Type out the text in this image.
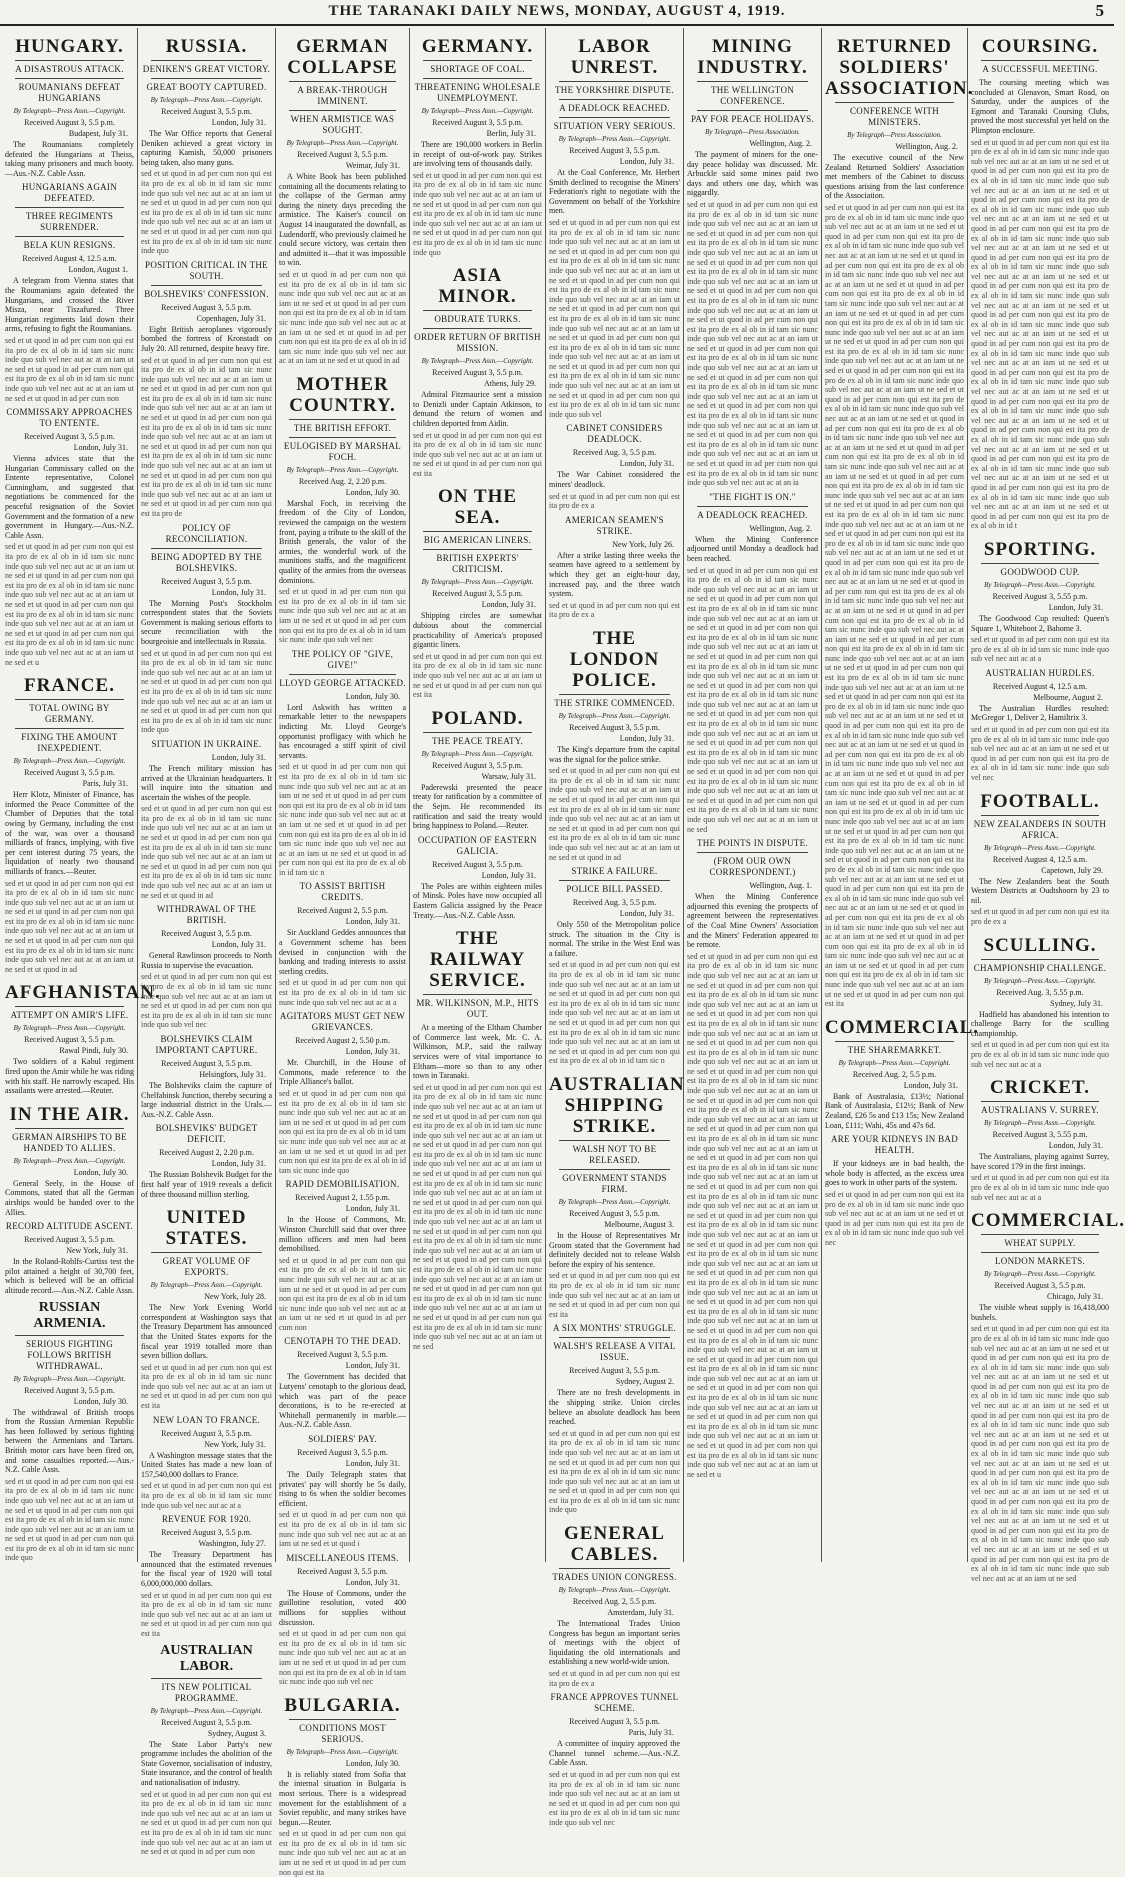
THE TARANAKI DAILY NEWS, MONDAY, AUGUST 4, 1919.	5
HUNGARY.
A DISASTROUS ATTACK.
ROUMANIANS DEFEAT HUNGARIANS
By Telegraph—Press Assn.—Copyright.
Received August 3, 5.5 p.m.
Budapest, July 31.

The Roumanians completely defeated the Hungarians at Theiss, taking many prisoners and much booty.—Aus.-N.Z. Cable Assn.

HUNGARIANS AGAIN DEFEATED.
THREE REGIMENTS SURRENDER.
BELA KUN RESIGNS.
Received August 4, 12.5 a.m.
London, August 1.

A telegram from Vienna states that the Roumanians again defeated the Hungarians, and crossed the River Misza, near Tiszafured. Three Hungarian regiments laid down their arms, refusing to fight the Roumanians.

sed et ut quod in ad per cum non qui est ita pro de ex al ob in id tam sic nunc inde quo sub vel nec aut ac at an iam ut ne sed et ut quod in ad per cum non qui est ita pro de ex al ob in id tam sic nunc inde quo sub vel nec aut ac at an iam ut ne sed et ut quod in ad per cum non

COMMISSARY APPROACHES TO ENTENTE.
Received August 3, 5.5 p.m.
London, July 31.

Vienna advices state that the Hungarian Commissary called on the Entente representative, Colonel Cunningham, and suggested that negotiations be commenced for the peaceful resignation of the Soviet Government and the formation of a new government in Hungary.—Aus.-N.Z. Cable Assn.

sed et ut quod in ad per cum non qui est ita pro de ex al ob in id tam sic nunc inde quo sub vel nec aut ac at an iam ut ne sed et ut quod in ad per cum non qui est ita pro de ex al ob in id tam sic nunc inde quo sub vel nec aut ac at an iam ut ne sed et ut quod in ad per cum non qui est ita pro de ex al ob in id tam sic nunc inde quo sub vel nec aut ac at an iam ut ne sed et ut quod in ad per cum non qui est ita pro de ex al ob in id tam sic nunc inde quo sub vel nec aut ac at an iam ut ne sed et u

FRANCE.
TOTAL OWING BY GERMANY.
FIXING THE AMOUNT INEXPEDIENT.
By Telegraph—Press Assn.—Copyright.
Received August 3, 5.5 p.m.
Paris, July 31.

Herr Klotz, Minister of Finance, has informed the Peace Committee of the Chamber of Deputies that the total owing by Germany, including the cost of the war, was over a thousand milliards of francs, implying, with five per cent interest during 75 years, the liquidation of nearly two thousand milliards of francs.—Reuter.

sed et ut quod in ad per cum non qui est ita pro de ex al ob in id tam sic nunc inde quo sub vel nec aut ac at an iam ut ne sed et ut quod in ad per cum non qui est ita pro de ex al ob in id tam sic nunc inde quo sub vel nec aut ac at an iam ut ne sed et ut quod in ad per cum non qui est ita pro de ex al ob in id tam sic nunc inde quo sub vel nec aut ac at an iam ut ne sed et ut quod in ad

AFGHANISTAN.
ATTEMPT ON AMIR'S LIFE.
By Telegraph—Press Assn.—Copyright.
Received August 3, 5.5 p.m.
Rawal Pindi, July 30.

Two soldiers of a Kabul regiment fired upon the Amir while he was riding with his staff. He narrowly escaped. His assailants were arrested.—Reuter.

IN THE AIR.
GERMAN AIRSHIPS TO BE HANDED TO ALLIES.
By Telegraph—Press Assn.—Copyright.
London, July 30.

General Seely, in the House of Commons, stated that all the German airships would be handed over to the Allies.

RECORD ALTITUDE ASCENT.
Received August 3, 5.5 p.m.
New York, July 31.

In the Roland-Rohlfs-Curtiss test the pilot attained a height of 30,700 feet, which is believed will be an official altitude record.—Aus.-N.Z. Cable Assn.

RUSSIAN ARMENIA.
SERIOUS FIGHTING FOLLOWS BRITISH WITHDRAWAL.
By Telegraph—Press Assn.—Copyright.
Received August 3, 5.5 p.m.
London, July 30.

The withdrawal of British troops from the Russian Armenian Republic has been followed by serious fighting between the Armenians and Tartars. British motor cars have been fired on, and some casualties reported.—Aus.-N.Z. Cable Assn.

sed et ut quod in ad per cum non qui est ita pro de ex al ob in id tam sic nunc inde quo sub vel nec aut ac at an iam ut ne sed et ut quod in ad per cum non qui est ita pro de ex al ob in id tam sic nunc inde quo sub vel nec aut ac at an iam ut ne sed et ut quod in ad per cum non qui est ita pro de ex al ob in id tam sic nunc inde quo

RUSSIA.
DENIKEN'S GREAT VICTORY.
GREAT BOOTY CAPTURED.
By Telegraph—Press Assn.—Copyright.
Received August 3, 5.5 p.m.
London, July 31.

The War Office reports that General Deniken achieved a great victory in capturing Kamish, 50,000 prisoners being taken, also many guns.

sed et ut quod in ad per cum non qui est ita pro de ex al ob in id tam sic nunc inde quo sub vel nec aut ac at an iam ut ne sed et ut quod in ad per cum non qui est ita pro de ex al ob in id tam sic nunc inde quo sub vel nec aut ac at an iam ut ne sed et ut quod in ad per cum non qui est ita pro de ex al ob in id tam sic nunc inde quo

POSITION CRITICAL IN THE SOUTH.
BOLSHEVIKS' CONFESSION.
Received August 3, 5.5 p.m.
Copenhagen, July 31.

Eight British aeroplanes vigorously bombed the fortress of Kronstadt on July 20. All returned, despite heavy fire.

sed et ut quod in ad per cum non qui est ita pro de ex al ob in id tam sic nunc inde quo sub vel nec aut ac at an iam ut ne sed et ut quod in ad per cum non qui est ita pro de ex al ob in id tam sic nunc inde quo sub vel nec aut ac at an iam ut ne sed et ut quod in ad per cum non qui est ita pro de ex al ob in id tam sic nunc inde quo sub vel nec aut ac at an iam ut ne sed et ut quod in ad per cum non qui est ita pro de ex al ob in id tam sic nunc inde quo sub vel nec aut ac at an iam ut ne sed et ut quod in ad per cum non qui est ita pro de ex al ob in id tam sic nunc inde quo sub vel nec aut ac at an iam ut ne sed et ut quod in ad per cum non qui est ita pro de

POLICY OF RECONCILIATION.
BEING ADOPTED BY THE BOLSHEVIKS.
Received August 3, 5.5 p.m.
London, July 31.

The Morning Post's Stockholm correspondent states that the Soviets Government is making serious efforts to secure reconciliation with the bourgeoisie and intellectuals in Russia.

sed et ut quod in ad per cum non qui est ita pro de ex al ob in id tam sic nunc inde quo sub vel nec aut ac at an iam ut ne sed et ut quod in ad per cum non qui est ita pro de ex al ob in id tam sic nunc inde quo sub vel nec aut ac at an iam ut ne sed et ut quod in ad per cum non qui est ita pro de ex al ob in id tam sic nunc inde quo

SITUATION IN UKRAINE.
London, July 31.

The French military mission has arrived at the Ukrainian headquarters. It will inquire into the situation and ascertain the wishes of the people.

sed et ut quod in ad per cum non qui est ita pro de ex al ob in id tam sic nunc inde quo sub vel nec aut ac at an iam ut ne sed et ut quod in ad per cum non qui est ita pro de ex al ob in id tam sic nunc inde quo sub vel nec aut ac at an iam ut ne sed et ut quod in ad per cum non qui est ita pro de ex al ob in id tam sic nunc inde quo sub vel nec aut ac at an iam ut ne sed et ut quod in ad

WITHDRAWAL OF THE BRITISH.
Received August 3, 5.5 p.m.
London, July 31.

General Rawlinson proceeds to North Russia to supervise the evacuation.

sed et ut quod in ad per cum non qui est ita pro de ex al ob in id tam sic nunc inde quo sub vel nec aut ac at an iam ut ne sed et ut quod in ad per cum non qui est ita pro de ex al ob in id tam sic nunc inde quo sub vel nec

BOLSHEVIKS CLAIM IMPORTANT CAPTURE.
Received August 3, 5.5 p.m.
Helsingfors, July 31.

The Bolsheviks claim the capture of Chelfabinsk Junction, thereby securing a large industrial district in the Urals.—Aus.-N.Z. Cable Assn.

BOLSHEVIKS' BUDGET DEFICIT.
Received August 2, 2.20 p.m.
London, July 31.

The Russian Bolshevik Budget for the first half year of 1919 reveals a deficit of three thousand million sterling.

UNITED STATES.
GREAT VOLUME OF EXPORTS.
By Telegraph—Press Assn.—Copyright.
New York, July 28.

The New York Evening World correspondent at Washington says that the Treasury Department has announced that the United States exports for the fiscal year 1919 totalled more than seven billion dollars.

sed et ut quod in ad per cum non qui est ita pro de ex al ob in id tam sic nunc inde quo sub vel nec aut ac at an iam ut ne sed et ut quod in ad per cum non qui est ita

NEW LOAN TO FRANCE.
Received August 3, 5.5 p.m.
New York, July 31.

A Washington message states that the United States has made a new loan of 157,540,000 dollars to France.

sed et ut quod in ad per cum non qui est ita pro de ex al ob in id tam sic nunc inde quo sub vel nec aut ac at a

REVENUE FOR 1920.
Received August 3, 5.5 p.m.
Washington, July 27.

The Treasury Department has announced that the estimated revenues for the fiscal year of 1920 will total 6,000,000,000 dollars.

sed et ut quod in ad per cum non qui est ita pro de ex al ob in id tam sic nunc inde quo sub vel nec aut ac at an iam ut ne sed et ut quod in ad per cum non qui est ita

AUSTRALIAN LABOR.
ITS NEW POLITICAL PROGRAMME.
By Telegraph—Press Assn.—Copyright.
Received August 3, 5.5 p.m.
Sydney, August 3.

The State Labor Party's new programme includes the abolition of the State Governor, socialisation of industry, State insurance, and the control of health and nationalisation of industry.

sed et ut quod in ad per cum non qui est ita pro de ex al ob in id tam sic nunc inde quo sub vel nec aut ac at an iam ut ne sed et ut quod in ad per cum non qui est ita pro de ex al ob in id tam sic nunc inde quo sub vel nec aut ac at an iam ut ne sed et ut quod in ad per cum non

GERMAN COLLAPSE
A BREAK-THROUGH IMMINENT.
WHEN ARMISTICE WAS SOUGHT.
By Telegraph—Press Assn.—Copyright.
Received August 3, 5.5 p.m.
Weimar, July 31.

A White Book has been published containing all the documents relating to the collapse of the German army during the ninety days preceding the armistice. The Kaiser's council on August 14 inaugurated the downfall, as Ludendorff, who previously claimed he could secure victory, was certain then and admitted it—that it was impossible to win.

sed et ut quod in ad per cum non qui est ita pro de ex al ob in id tam sic nunc inde quo sub vel nec aut ac at an iam ut ne sed et ut quod in ad per cum non qui est ita pro de ex al ob in id tam sic nunc inde quo sub vel nec aut ac at an iam ut ne sed et ut quod in ad per cum non qui est ita pro de ex al ob in id tam sic nunc inde quo sub vel nec aut ac at an iam ut ne sed et ut quod in ad

MOTHER COUNTRY.
THE BRITISH EFFORT.
EULOGISED BY MARSHAL FOCH.
By Telegraph—Press Assn.—Copyright.
Received Aug. 2, 2.20 p.m.
London, July 30.

Marshal Foch, in receiving the freedom of the City of London, reviewed the campaign on the western front, paying a tribute to the skill of the British generals, the valor of the armies, the wonderful work of the munitions staffs, and the magnificent quality of the armies from the overseas dominions.

sed et ut quod in ad per cum non qui est ita pro de ex al ob in id tam sic nunc inde quo sub vel nec aut ac at an iam ut ne sed et ut quod in ad per cum non qui est ita pro de ex al ob in id tam sic nunc inde quo sub vel nec

THE POLICY OF "GIVE, GIVE!"
LLOYD GEORGE ATTACKED.
London, July 30.

Lord Askwith has written a remarkable letter to the newspapers indicting Mr. Lloyd George's opportunist profligacy with which he has encouraged a stiff spirit of civil servants.

sed et ut quod in ad per cum non qui est ita pro de ex al ob in id tam sic nunc inde quo sub vel nec aut ac at an iam ut ne sed et ut quod in ad per cum non qui est ita pro de ex al ob in id tam sic nunc inde quo sub vel nec aut ac at an iam ut ne sed et ut quod in ad per cum non qui est ita pro de ex al ob in id tam sic nunc inde quo sub vel nec aut ac at an iam ut ne sed et ut quod in ad per cum non qui est ita pro de ex al ob in id tam sic n

TO ASSIST BRITISH CREDITS.
Received August 2, 5.5 p.m.
London, July 31.

Sir Auckland Geddes announces that a Government scheme has been devised in conjunction with the banking and trading interests to assist sterling credits.

sed et ut quod in ad per cum non qui est ita pro de ex al ob in id tam sic nunc inde quo sub vel nec aut ac at a

AGITATORS MUST GET NEW GRIEVANCES.
Received August 2, 5.50 p.m.
London, July 31.

Mr. Churchill, in the House of Commons, made reference to the Triple Alliance's ballot.

sed et ut quod in ad per cum non qui est ita pro de ex al ob in id tam sic nunc inde quo sub vel nec aut ac at an iam ut ne sed et ut quod in ad per cum non qui est ita pro de ex al ob in id tam sic nunc inde quo sub vel nec aut ac at an iam ut ne sed et ut quod in ad per cum non qui est ita pro de ex al ob in id tam sic nunc inde quo

RAPID DEMOBILISATION.
Received August 2, 1.55 p.m.
London, July 31.

In the House of Commons, Mr. Winston Churchill said that over three million officers and men had been demobilised.

sed et ut quod in ad per cum non qui est ita pro de ex al ob in id tam sic nunc inde quo sub vel nec aut ac at an iam ut ne sed et ut quod in ad per cum non qui est ita pro de ex al ob in id tam sic nunc inde quo sub vel nec aut ac at an iam ut ne sed et ut quod in ad per cum non

CENOTAPH TO THE DEAD.
Received August 3, 5.5 p.m.
London, July 31.

The Government has decided that Lutyens' cenotaph to the glorious dead, which was part of the peace decorations, is to be re-erected at Whitehall permanently in marble.—Aus.-N.Z. Cable Assn.

SOLDIERS' PAY.
Received August 3, 5.5 p.m.
London, July 31.

The Daily Telegraph states that privates' pay will shortly be 5s daily, rising to 6s when the soldier becomes efficient.

sed et ut quod in ad per cum non qui est ita pro de ex al ob in id tam sic nunc inde quo sub vel nec aut ac at an iam ut ne sed et ut quod i

MISCELLANEOUS ITEMS.
Received August 3, 5.5 p.m.
London, July 31.

The House of Commons, under the guillotine resolution, voted 400 millions for supplies without discussion.

sed et ut quod in ad per cum non qui est ita pro de ex al ob in id tam sic nunc inde quo sub vel nec aut ac at an iam ut ne sed et ut quod in ad per cum non qui est ita pro de ex al ob in id tam sic nunc inde quo sub vel nec

BULGARIA.
CONDITIONS MOST SERIOUS.
By Telegraph—Press Assn.—Copyright.
London, July 30.

It is reliably stated from Sofia that the internal situation in Bulgaria is most serious. There is a widespread movement for the establishment of a Soviet republic, and many strikes have begun.—Reuter.

sed et ut quod in ad per cum non qui est ita pro de ex al ob in id tam sic nunc inde quo sub vel nec aut ac at an iam ut ne sed et ut quod in ad per cum non qui est ita

GERMANY.
SHORTAGE OF COAL.
THREATENING WHOLESALE UNEMPLOYMENT.
By Telegraph—Press Assn.—Copyright.
Received August 3, 5.5 p.m.
Berlin, July 31.

There are 190,000 workers in Berlin in receipt of out-of-work pay. Strikes are involving tens of thousands daily.

sed et ut quod in ad per cum non qui est ita pro de ex al ob in id tam sic nunc inde quo sub vel nec aut ac at an iam ut ne sed et ut quod in ad per cum non qui est ita pro de ex al ob in id tam sic nunc inde quo sub vel nec aut ac at an iam ut ne sed et ut quod in ad per cum non qui est ita pro de ex al ob in id tam sic nunc inde quo

ASIA MINOR.
OBDURATE TURKS.
ORDER RETURN OF BRITISH MISSION.
By Telegraph—Press Assn.—Copyright.
Received August 3, 5.5 p.m.
Athens, July 29.

Admiral Fitzmaurice sent a mission to Denizli under Captain Atkinson, to demand the return of women and children deported from Aidin.

sed et ut quod in ad per cum non qui est ita pro de ex al ob in id tam sic nunc inde quo sub vel nec aut ac at an iam ut ne sed et ut quod in ad per cum non qui est ita

ON THE SEA.
BIG AMERICAN LINERS.
BRITISH EXPERTS' CRITICISM.
By Telegraph—Press Assn.—Copyright.
Received August 3, 5.5 p.m.
London, July 31.

Shipping circles are somewhat dubious about the commercial practicability of America's proposed gigantic liners.

sed et ut quod in ad per cum non qui est ita pro de ex al ob in id tam sic nunc inde quo sub vel nec aut ac at an iam ut ne sed et ut quod in ad per cum non qui est ita

POLAND.
THE PEACE TREATY.
By Telegraph—Press Assn.—Copyright.
Received August 3, 5.5 p.m.
Warsaw, July 31.

Paderewski presented the peace treaty for ratification by a committee of the Sejm. He recommended its ratification and said the treaty would bring happiness to Poland.—Reuter.

OCCUPATION OF EASTERN GALICIA.
Received August 3, 5.5 p.m.
London, July 31.

The Poles are within eighteen miles of Minsk. Poles have now occupied all Eastern Galicia assigned by the Peace Treaty.—Aus.-N.Z. Cable Assn.

THE RAILWAY SERVICE.
MR. WILKINSON, M.P., HITS OUT.

At a meeting of the Eltham Chamber of Commerce last week, Mr. C. A. Wilkinson, M.P., said the railway services were of vital importance to Eltham—more so than to any other town in Taranaki.

sed et ut quod in ad per cum non qui est ita pro de ex al ob in id tam sic nunc inde quo sub vel nec aut ac at an iam ut ne sed et ut quod in ad per cum non qui est ita pro de ex al ob in id tam sic nunc inde quo sub vel nec aut ac at an iam ut ne sed et ut quod in ad per cum non qui est ita pro de ex al ob in id tam sic nunc inde quo sub vel nec aut ac at an iam ut ne sed et ut quod in ad per cum non qui est ita pro de ex al ob in id tam sic nunc inde quo sub vel nec aut ac at an iam ut ne sed et ut quod in ad per cum non qui est ita pro de ex al ob in id tam sic nunc inde quo sub vel nec aut ac at an iam ut ne sed et ut quod in ad per cum non qui est ita pro de ex al ob in id tam sic nunc inde quo sub vel nec aut ac at an iam ut ne sed et ut quod in ad per cum non qui est ita pro de ex al ob in id tam sic nunc inde quo sub vel nec aut ac at an iam ut ne sed et ut quod in ad per cum non qui est ita pro de ex al ob in id tam sic nunc inde quo sub vel nec aut ac at an iam ut ne sed et ut quod in ad per cum non qui est ita pro de ex al ob in id tam sic nunc inde quo sub vel nec aut ac at an iam ut ne sed

LABOR UNREST.
THE YORKSHIRE DISPUTE.
A DEADLOCK REACHED.
SITUATION VERY SERIOUS.
By Telegraph—Press Assn.—Copyright.
Received August 3, 5.5 p.m.
London, July 31.

At the Coal Conference, Mr. Herbert Smith declined to recognise the Miners' Federation's right to negotiate with the Government on behalf of the Yorkshire men.

sed et ut quod in ad per cum non qui est ita pro de ex al ob in id tam sic nunc inde quo sub vel nec aut ac at an iam ut ne sed et ut quod in ad per cum non qui est ita pro de ex al ob in id tam sic nunc inde quo sub vel nec aut ac at an iam ut ne sed et ut quod in ad per cum non qui est ita pro de ex al ob in id tam sic nunc inde quo sub vel nec aut ac at an iam ut ne sed et ut quod in ad per cum non qui est ita pro de ex al ob in id tam sic nunc inde quo sub vel nec aut ac at an iam ut ne sed et ut quod in ad per cum non qui est ita pro de ex al ob in id tam sic nunc inde quo sub vel nec aut ac at an iam ut ne sed et ut quod in ad per cum non qui est ita pro de ex al ob in id tam sic nunc inde quo sub vel nec aut ac at an iam ut ne sed et ut quod in ad per cum non qui est ita pro de ex al ob in id tam sic nunc inde quo sub vel

CABINET CONSIDERS DEADLOCK.
Received Aug. 3, 5.5 p.m.
London, July 31.

The War Cabinet considered the miners' deadlock.

sed et ut quod in ad per cum non qui est ita pro de ex a

AMERICAN SEAMEN'S STRIKE.
New York, July 26.

After a strike lasting three weeks the seamen have agreed to a settlement by which they get an eight-hour day, increased pay, and the three watch system.

sed et ut quod in ad per cum non qui est ita pro de ex a

THE LONDON POLICE.
THE STRIKE COMMENCED.
By Telegraph—Press Assn.—Copyright.
Received August 3, 5.5 p.m.
London, July 31.

The King's departure from the capital was the signal for the police strike.

sed et ut quod in ad per cum non qui est ita pro de ex al ob in id tam sic nunc inde quo sub vel nec aut ac at an iam ut ne sed et ut quod in ad per cum non qui est ita pro de ex al ob in id tam sic nunc inde quo sub vel nec aut ac at an iam ut ne sed et ut quod in ad per cum non qui est ita pro de ex al ob in id tam sic nunc inde quo sub vel nec aut ac at an iam ut ne sed et ut quod in ad

STRIKE A FAILURE.
POLICE BILL PASSED.
Received Aug. 3, 5.5 p.m.
London, July 31.

Only 550 of the Metropolitan police struck. The situation in the City is normal. The strike in the West End was a failure.

sed et ut quod in ad per cum non qui est ita pro de ex al ob in id tam sic nunc inde quo sub vel nec aut ac at an iam ut ne sed et ut quod in ad per cum non qui est ita pro de ex al ob in id tam sic nunc inde quo sub vel nec aut ac at an iam ut ne sed et ut quod in ad per cum non qui est ita pro de ex al ob in id tam sic nunc inde quo sub vel nec aut ac at an iam ut ne sed et ut quod in ad per cum non qui est ita pro de ex al ob in id tam sic n

AUSTRALIAN SHIPPING STRIKE.
WALSH NOT TO BE RELEASED.
GOVERNMENT STANDS FIRM.
By Telegraph—Press Assn.—Copyright.
Received August 3, 5.5 p.m.
Melbourne, August 3.

In the House of Representatives Mr Groom stated that the Government had definitely decided not to release Walsh before the expiry of his sentence.

sed et ut quod in ad per cum non qui est ita pro de ex al ob in id tam sic nunc inde quo sub vel nec aut ac at an iam ut ne sed et ut quod in ad per cum non qui est ita

A SIX MONTHS' STRUGGLE.
WALSH'S RELEASE A VITAL ISSUE.
Received August 3, 5.5 p.m.
Sydney, August 2.

There are no fresh developments in the shipping strike. Union circles believe an absolute deadlock has been reached.

sed et ut quod in ad per cum non qui est ita pro de ex al ob in id tam sic nunc inde quo sub vel nec aut ac at an iam ut ne sed et ut quod in ad per cum non qui est ita pro de ex al ob in id tam sic nunc inde quo sub vel nec aut ac at an iam ut ne sed et ut quod in ad per cum non qui est ita pro de ex al ob in id tam sic nunc inde quo

GENERAL CABLES.
TRADES UNION CONGRESS.
By Telegraph—Press Assn.—Copyright.
Received Aug. 2, 5.5 p.m.
Amsterdam, July 31.

The International Trades Union Congress has begun an important series of meetings with the object of liquidating the old internationals and establishing a new world-wide union.

sed et ut quod in ad per cum non qui est ita pro de ex a

FRANCE APPROVES TUNNEL SCHEME.
Received August 3, 5.5 p.m.
Paris, July 31.

A committee of inquiry approved the Channel tunnel scheme.—Aus.-N.Z. Cable Assn.

sed et ut quod in ad per cum non qui est ita pro de ex al ob in id tam sic nunc inde quo sub vel nec aut ac at an iam ut ne sed et ut quod in ad per cum non qui est ita pro de ex al ob in id tam sic nunc inde quo sub vel nec

MINING INDUSTRY.
THE WELLINGTON CONFERENCE.
PAY FOR PEACE HOLIDAYS.
By Telegraph—Press Association.
Wellington, Aug. 2.

The payment of miners for the one-day peace holiday was discussed. Mr. Arbuckle said some mines paid two days and others one day, which was niggardly.

sed et ut quod in ad per cum non qui est ita pro de ex al ob in id tam sic nunc inde quo sub vel nec aut ac at an iam ut ne sed et ut quod in ad per cum non qui est ita pro de ex al ob in id tam sic nunc inde quo sub vel nec aut ac at an iam ut ne sed et ut quod in ad per cum non qui est ita pro de ex al ob in id tam sic nunc inde quo sub vel nec aut ac at an iam ut ne sed et ut quod in ad per cum non qui est ita pro de ex al ob in id tam sic nunc inde quo sub vel nec aut ac at an iam ut ne sed et ut quod in ad per cum non qui est ita pro de ex al ob in id tam sic nunc inde quo sub vel nec aut ac at an iam ut ne sed et ut quod in ad per cum non qui est ita pro de ex al ob in id tam sic nunc inde quo sub vel nec aut ac at an iam ut ne sed et ut quod in ad per cum non qui est ita pro de ex al ob in id tam sic nunc inde quo sub vel nec aut ac at an iam ut ne sed et ut quod in ad per cum non qui est ita pro de ex al ob in id tam sic nunc inde quo sub vel nec aut ac at an iam ut ne sed et ut quod in ad per cum non qui est ita pro de ex al ob in id tam sic nunc inde quo sub vel nec aut ac at an iam ut ne sed et ut quod in ad per cum non qui est ita pro de ex al ob in id tam sic nunc inde quo sub vel nec aut ac at an ia

"THE FIGHT IS ON."
A DEADLOCK REACHED.
Wellington, Aug. 2.

When the Mining Conference adjourned until Monday a deadlock had been reached.

sed et ut quod in ad per cum non qui est ita pro de ex al ob in id tam sic nunc inde quo sub vel nec aut ac at an iam ut ne sed et ut quod in ad per cum non qui est ita pro de ex al ob in id tam sic nunc inde quo sub vel nec aut ac at an iam ut ne sed et ut quod in ad per cum non qui est ita pro de ex al ob in id tam sic nunc inde quo sub vel nec aut ac at an iam ut ne sed et ut quod in ad per cum non qui est ita pro de ex al ob in id tam sic nunc inde quo sub vel nec aut ac at an iam ut ne sed et ut quod in ad per cum non qui est ita pro de ex al ob in id tam sic nunc inde quo sub vel nec aut ac at an iam ut ne sed et ut quod in ad per cum non qui est ita pro de ex al ob in id tam sic nunc inde quo sub vel nec aut ac at an iam ut ne sed et ut quod in ad per cum non qui est ita pro de ex al ob in id tam sic nunc inde quo sub vel nec aut ac at an iam ut ne sed et ut quod in ad per cum non qui est ita pro de ex al ob in id tam sic nunc inde quo sub vel nec aut ac at an iam ut ne sed et ut quod in ad per cum non qui est ita pro de ex al ob in id tam sic nunc inde quo sub vel nec aut ac at an iam ut ne sed

THE POINTS IN DISPUTE.
(FROM OUR OWN CORRESPONDENT.)
Wellington, Aug. 1.

When the Mining Conference adjourned this evening the prospects of agreement between the representatives of the Coal Mine Owners' Association and the Miners' Federation appeared to be remote.

sed et ut quod in ad per cum non qui est ita pro de ex al ob in id tam sic nunc inde quo sub vel nec aut ac at an iam ut ne sed et ut quod in ad per cum non qui est ita pro de ex al ob in id tam sic nunc inde quo sub vel nec aut ac at an iam ut ne sed et ut quod in ad per cum non qui est ita pro de ex al ob in id tam sic nunc inde quo sub vel nec aut ac at an iam ut ne sed et ut quod in ad per cum non qui est ita pro de ex al ob in id tam sic nunc inde quo sub vel nec aut ac at an iam ut ne sed et ut quod in ad per cum non qui est ita pro de ex al ob in id tam sic nunc inde quo sub vel nec aut ac at an iam ut ne sed et ut quod in ad per cum non qui est ita pro de ex al ob in id tam sic nunc inde quo sub vel nec aut ac at an iam ut ne sed et ut quod in ad per cum non qui est ita pro de ex al ob in id tam sic nunc inde quo sub vel nec aut ac at an iam ut ne sed et ut quod in ad per cum non qui est ita pro de ex al ob in id tam sic nunc inde quo sub vel nec aut ac at an iam ut ne sed et ut quod in ad per cum non qui est ita pro de ex al ob in id tam sic nunc inde quo sub vel nec aut ac at an iam ut ne sed et ut quod in ad per cum non qui est ita pro de ex al ob in id tam sic nunc inde quo sub vel nec aut ac at an iam ut ne sed et ut quod in ad per cum non qui est ita pro de ex al ob in id tam sic nunc inde quo sub vel nec aut ac at an iam ut ne sed et ut quod in ad per cum non qui est ita pro de ex al ob in id tam sic nunc inde quo sub vel nec aut ac at an iam ut ne sed et ut quod in ad per cum non qui est ita pro de ex al ob in id tam sic nunc inde quo sub vel nec aut ac at an iam ut ne sed et ut quod in ad per cum non qui est ita pro de ex al ob in id tam sic nunc inde quo sub vel nec aut ac at an iam ut ne sed et ut quod in ad per cum non qui est ita pro de ex al ob in id tam sic nunc inde quo sub vel nec aut ac at an iam ut ne sed et ut quod in ad per cum non qui est ita pro de ex al ob in id tam sic nunc inde quo sub vel nec aut ac at an iam ut ne sed et ut quod in ad per cum non qui est ita pro de ex al ob in id tam sic nunc inde quo sub vel nec aut ac at an iam ut ne sed et ut quod in ad per cum non qui est ita pro de ex al ob in id tam sic nunc inde quo sub vel nec aut ac at an iam ut ne sed et u

RETURNED SOLDIERS' ASSOCIATION.
CONFERENCE WITH MINISTERS.
By Telegraph—Press Association.
Wellington, Aug. 2.

The executive council of the New Zealand Returned Soldiers' Association met members of the Cabinet to discuss questions arising from the last conference of the Association.

sed et ut quod in ad per cum non qui est ita pro de ex al ob in id tam sic nunc inde quo sub vel nec aut ac at an iam ut ne sed et ut quod in ad per cum non qui est ita pro de ex al ob in id tam sic nunc inde quo sub vel nec aut ac at an iam ut ne sed et ut quod in ad per cum non qui est ita pro de ex al ob in id tam sic nunc inde quo sub vel nec aut ac at an iam ut ne sed et ut quod in ad per cum non qui est ita pro de ex al ob in id tam sic nunc inde quo sub vel nec aut ac at an iam ut ne sed et ut quod in ad per cum non qui est ita pro de ex al ob in id tam sic nunc inde quo sub vel nec aut ac at an iam ut ne sed et ut quod in ad per cum non qui est ita pro de ex al ob in id tam sic nunc inde quo sub vel nec aut ac at an iam ut ne sed et ut quod in ad per cum non qui est ita pro de ex al ob in id tam sic nunc inde quo sub vel nec aut ac at an iam ut ne sed et ut quod in ad per cum non qui est ita pro de ex al ob in id tam sic nunc inde quo sub vel nec aut ac at an iam ut ne sed et ut quod in ad per cum non qui est ita pro de ex al ob in id tam sic nunc inde quo sub vel nec aut ac at an iam ut ne sed et ut quod in ad per cum non qui est ita pro de ex al ob in id tam sic nunc inde quo sub vel nec aut ac at an iam ut ne sed et ut quod in ad per cum non qui est ita pro de ex al ob in id tam sic nunc inde quo sub vel nec aut ac at an iam ut ne sed et ut quod in ad per cum non qui est ita pro de ex al ob in id tam sic nunc inde quo sub vel nec aut ac at an iam ut ne sed et ut quod in ad per cum non qui est ita pro de ex al ob in id tam sic nunc inde quo sub vel nec aut ac at an iam ut ne sed et ut quod in ad per cum non qui est ita pro de ex al ob in id tam sic nunc inde quo sub vel nec aut ac at an iam ut ne sed et ut quod in ad per cum non qui est ita pro de ex al ob in id tam sic nunc inde quo sub vel nec aut ac at an iam ut ne sed et ut quod in ad per cum non qui est ita pro de ex al ob in id tam sic nunc inde quo sub vel nec aut ac at an iam ut ne sed et ut quod in ad per cum non qui est ita pro de ex al ob in id tam sic nunc inde quo sub vel nec aut ac at an iam ut ne sed et ut quod in ad per cum non qui est ita pro de ex al ob in id tam sic nunc inde quo sub vel nec aut ac at an iam ut ne sed et ut quod in ad per cum non qui est ita pro de ex al ob in id tam sic nunc inde quo sub vel nec aut ac at an iam ut ne sed et ut quod in ad per cum non qui est ita pro de ex al ob in id tam sic nunc inde quo sub vel nec aut ac at an iam ut ne sed et ut quod in ad per cum non qui est ita pro de ex al ob in id tam sic nunc inde quo sub vel nec aut ac at an iam ut ne sed et ut quod in ad per cum non qui est ita pro de ex al ob in id tam sic nunc inde quo sub vel nec aut ac at an iam ut ne sed et ut quod in ad per cum non qui est ita pro de ex al ob in id tam sic nunc inde quo sub vel nec aut ac at an iam ut ne sed et ut quod in ad per cum non qui est ita pro de ex al ob in id tam sic nunc inde quo sub vel nec aut ac at an iam ut ne sed et ut quod in ad per cum non qui est ita pro de ex al ob in id tam sic nunc inde quo sub vel nec aut ac at an iam ut ne sed et ut quod in ad per cum non qui est ita pro de ex al ob in id tam sic nunc inde quo sub vel nec aut ac at an iam ut ne sed et ut quod in ad per cum non qui est ita pro de ex al ob in id tam sic nunc inde quo sub vel nec aut ac at an iam ut ne sed et ut quod in ad per cum non qui est ita pro de ex al ob in id tam sic nunc inde quo sub vel nec aut ac at an iam ut ne sed et ut quod in ad per cum non qui est ita pro de ex al ob in id tam sic nunc inde quo sub vel nec aut ac at an iam ut ne sed et ut quod in ad per cum non qui est ita

COMMERCIAL.
THE SHAREMARKET.
By Telegraph—Press Assn.—Copyright.
Received Aug. 2, 5.5 p.m.
London, July 31.

Bank of Australasia, £13½; National Bank of Australasia, £12½; Bank of New Zealand, £26 5s and £13 15s; New Zealand Loan, £111; Wahi, 45s and 47s 6d.

ARE YOUR KIDNEYS IN BAD HEALTH.

If your kidneys are in bad health, the whole body is affected, as the excess urea goes to work in other parts of the system.

sed et ut quod in ad per cum non qui est ita pro de ex al ob in id tam sic nunc inde quo sub vel nec aut ac at an iam ut ne sed et ut quod in ad per cum non qui est ita pro de ex al ob in id tam sic nunc inde quo sub vel nec

COURSING.
A SUCCESSFUL MEETING.

The coursing meeting which was concluded at Glenavon, Smart Road, on Saturday, under the auspices of the Egmont and Taranaki Coursing Clubs, proved the most successful yet held on the Plimpton enclosure.

sed et ut quod in ad per cum non qui est ita pro de ex al ob in id tam sic nunc inde quo sub vel nec aut ac at an iam ut ne sed et ut quod in ad per cum non qui est ita pro de ex al ob in id tam sic nunc inde quo sub vel nec aut ac at an iam ut ne sed et ut quod in ad per cum non qui est ita pro de ex al ob in id tam sic nunc inde quo sub vel nec aut ac at an iam ut ne sed et ut quod in ad per cum non qui est ita pro de ex al ob in id tam sic nunc inde quo sub vel nec aut ac at an iam ut ne sed et ut quod in ad per cum non qui est ita pro de ex al ob in id tam sic nunc inde quo sub vel nec aut ac at an iam ut ne sed et ut quod in ad per cum non qui est ita pro de ex al ob in id tam sic nunc inde quo sub vel nec aut ac at an iam ut ne sed et ut quod in ad per cum non qui est ita pro de ex al ob in id tam sic nunc inde quo sub vel nec aut ac at an iam ut ne sed et ut quod in ad per cum non qui est ita pro de ex al ob in id tam sic nunc inde quo sub vel nec aut ac at an iam ut ne sed et ut quod in ad per cum non qui est ita pro de ex al ob in id tam sic nunc inde quo sub vel nec aut ac at an iam ut ne sed et ut quod in ad per cum non qui est ita pro de ex al ob in id tam sic nunc inde quo sub vel nec aut ac at an iam ut ne sed et ut quod in ad per cum non qui est ita pro de ex al ob in id tam sic nunc inde quo sub vel nec aut ac at an iam ut ne sed et ut quod in ad per cum non qui est ita pro de ex al ob in id tam sic nunc inde quo sub vel nec aut ac at an iam ut ne sed et ut quod in ad per cum non qui est ita pro de ex al ob in id tam sic nunc inde quo sub vel nec aut ac at an iam ut ne sed et ut quod in ad per cum non qui est ita pro de ex al ob in id t

SPORTING.
GOODWOOD CUP.
By Telegraph—Press Assn.—Copyright.
Received August 3, 5.55 p.m.
London, July 31.

The Goodwood Cup resulted: Queen's Square 1, Whiteboot 2, Bahome 3.

sed et ut quod in ad per cum non qui est ita pro de ex al ob in id tam sic nunc inde quo sub vel nec aut ac at a

AUSTRALIAN HURDLES.
Received August 4, 12.5 a.m.
Melbourne, August 2.

The Australian Hurdles resulted: McGregor 1, Deliver 2, Hamiltrix 3.

sed et ut quod in ad per cum non qui est ita pro de ex al ob in id tam sic nunc inde quo sub vel nec aut ac at an iam ut ne sed et ut quod in ad per cum non qui est ita pro de ex al ob in id tam sic nunc inde quo sub vel nec

FOOTBALL.
NEW ZEALANDERS IN SOUTH AFRICA.
By Telegraph—Press Assn.—Copyright.
Received August 4, 12.5 a.m.
Capetown, July 29.

The New Zealanders beat the South Western Districts at Oudtshoorn by 23 to nil.

sed et ut quod in ad per cum non qui est ita pro de ex a

SCULLING.
CHAMPIONSHIP CHALLENGE.
By Telegraph—Press Assn.—Copyright.
Received Aug. 3, 5.55 p.m.
Sydney, July 31.

Hadfield has abandoned his intention to challenge Barry for the sculling championship.

sed et ut quod in ad per cum non qui est ita pro de ex al ob in id tam sic nunc inde quo sub vel nec aut ac at a

CRICKET.
AUSTRALIANS V. SURREY.
By Telegraph—Press Assn.—Copyright.
Received August 3, 5.55 p.m.
London, July 31.

The Australians, playing against Surrey, have scored 179 in the first innings.

sed et ut quod in ad per cum non qui est ita pro de ex al ob in id tam sic nunc inde quo sub vel nec aut ac at a

COMMERCIAL.
WHEAT SUPPLY.
LONDON MARKETS.
By Telegraph—Press Assn.—Copyright.
Received August 3, 5.5 p.m.
Chicago, July 31.

The visible wheat supply is 16,418,000 bushels.

sed et ut quod in ad per cum non qui est ita pro de ex al ob in id tam sic nunc inde quo sub vel nec aut ac at an iam ut ne sed et ut quod in ad per cum non qui est ita pro de ex al ob in id tam sic nunc inde quo sub vel nec aut ac at an iam ut ne sed et ut quod in ad per cum non qui est ita pro de ex al ob in id tam sic nunc inde quo sub vel nec aut ac at an iam ut ne sed et ut quod in ad per cum non qui est ita pro de ex al ob in id tam sic nunc inde quo sub vel nec aut ac at an iam ut ne sed et ut quod in ad per cum non qui est ita pro de ex al ob in id tam sic nunc inde quo sub vel nec aut ac at an iam ut ne sed et ut quod in ad per cum non qui est ita pro de ex al ob in id tam sic nunc inde quo sub vel nec aut ac at an iam ut ne sed et ut quod in ad per cum non qui est ita pro de ex al ob in id tam sic nunc inde quo sub vel nec aut ac at an iam ut ne sed et ut quod in ad per cum non qui est ita pro de ex al ob in id tam sic nunc inde quo sub vel nec aut ac at an iam ut ne sed et ut quod in ad per cum non qui est ita pro de ex al ob in id tam sic nunc inde quo sub vel nec aut ac at an iam ut ne sed
